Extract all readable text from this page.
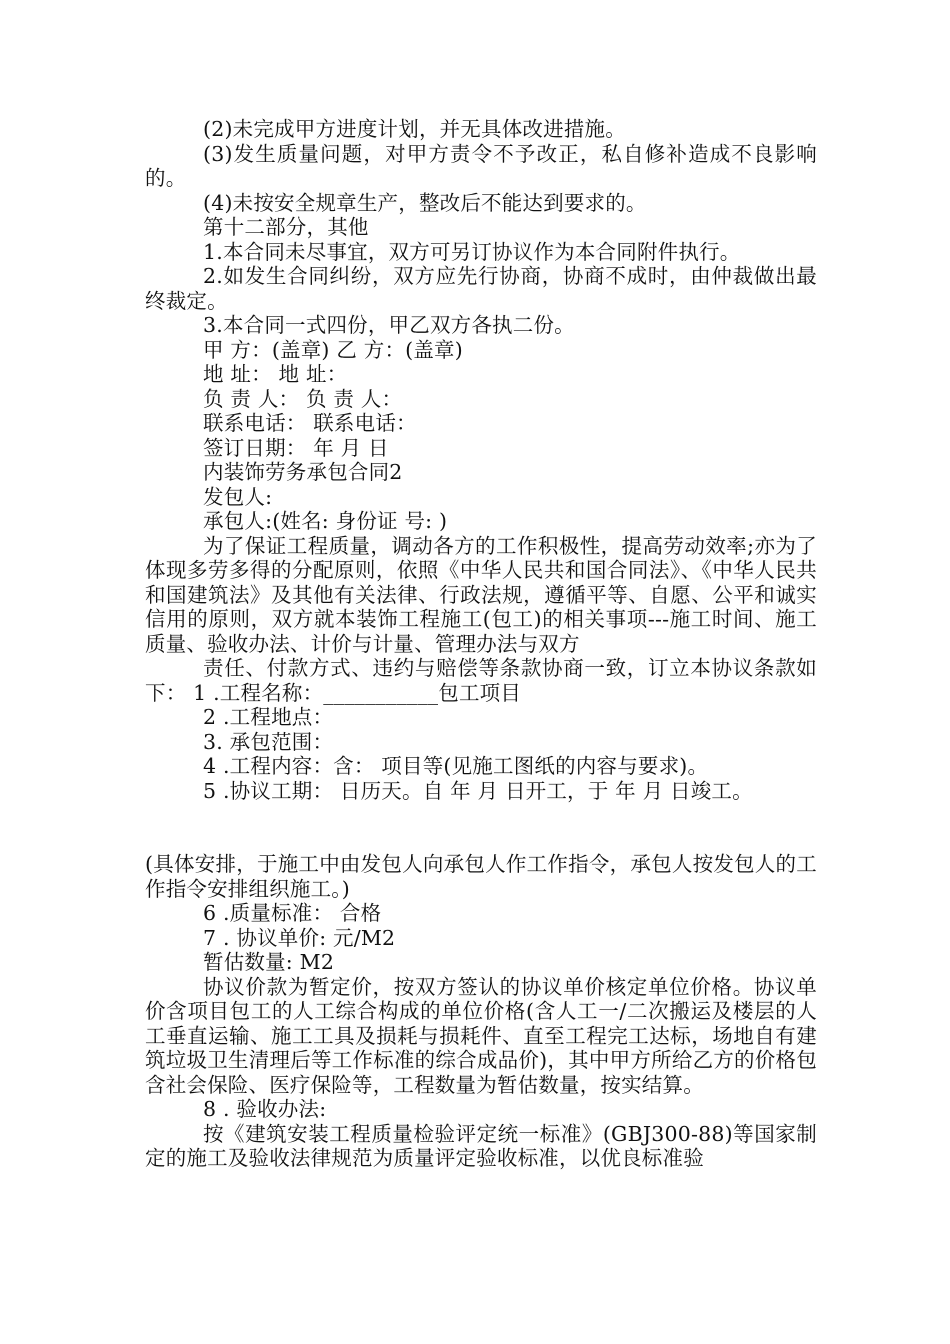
(2)未完成甲方进度计划，并无具体改进措施。

(3)发生质量问题，对甲方责令不予改正，私自修补造成不良影响的。

(4)未按安全规章生产，整改后不能达到要求的。

第十二部分，其他

1.本合同未尽事宜，双方可另订协议作为本合同附件执行。

2.如发生合同纠纷，双方应先行协商，协商不成时，由仲裁做出最终裁定。

3.本合同一式四份，甲乙双方各执二份。

甲 方：(盖章) 乙 方：(盖章)

地 址： 地 址：

负 责 人： 负 责 人：

联系电话： 联系电话：

签订日期： 年 月 日

内装饰劳务承包合同2

发包人:

承包人:(姓名: 身份证 号: )

为了保证工程质量，调动各方的工作积极性，提高劳动效率;亦为了体现多劳多得的分配原则，依照《中华人民共和国合同法》、《中华人民共和国建筑法》及其他有关法律、行政法规，遵循平等、自愿、公平和诚实信用的原则，双方就本装饰工程施工(包工)的相关事项---施工时间、施工质量、验收办法、计价与计量、管理办法与双方

责任、付款方式、违约与赔偿等条款协商一致，订立本协议条款如下： 1 .工程名称：___________包工项目

2 .工程地点：

3. 承包范围：

4 .工程内容：含： 项目等(见施工图纸的内容与要求)。

5 .协议工期： 日历天。自 年 月 日开工，于 年 月 日竣工。

(具体安排，于施工中由发包人向承包人作工作指令，承包人按发包人的工作指令安排组织施工。)

6 .质量标准： 合格

7 . 协议单价: 元/M2

暂估数量: M2

协议价款为暂定价，按双方签认的协议单价核定单位价格。协议单价含项目包工的人工综合构成的单位价格(含人工一/二次搬运及楼层的人工垂直运输、施工工具及损耗与损耗件、直至工程完工达标，场地自有建筑垃圾卫生清理后等工作标准的综合成品价)，其中甲方所给乙方的价格包含社会保险、医疗保险等，工程数量为暂估数量，按实结算。

8 . 验收办法:

按《建筑安装工程质量检验评定统一标准》(GBJ300-88)等国家制定的施工及验收法律规范为质量评定验收标准，以优良标准验
